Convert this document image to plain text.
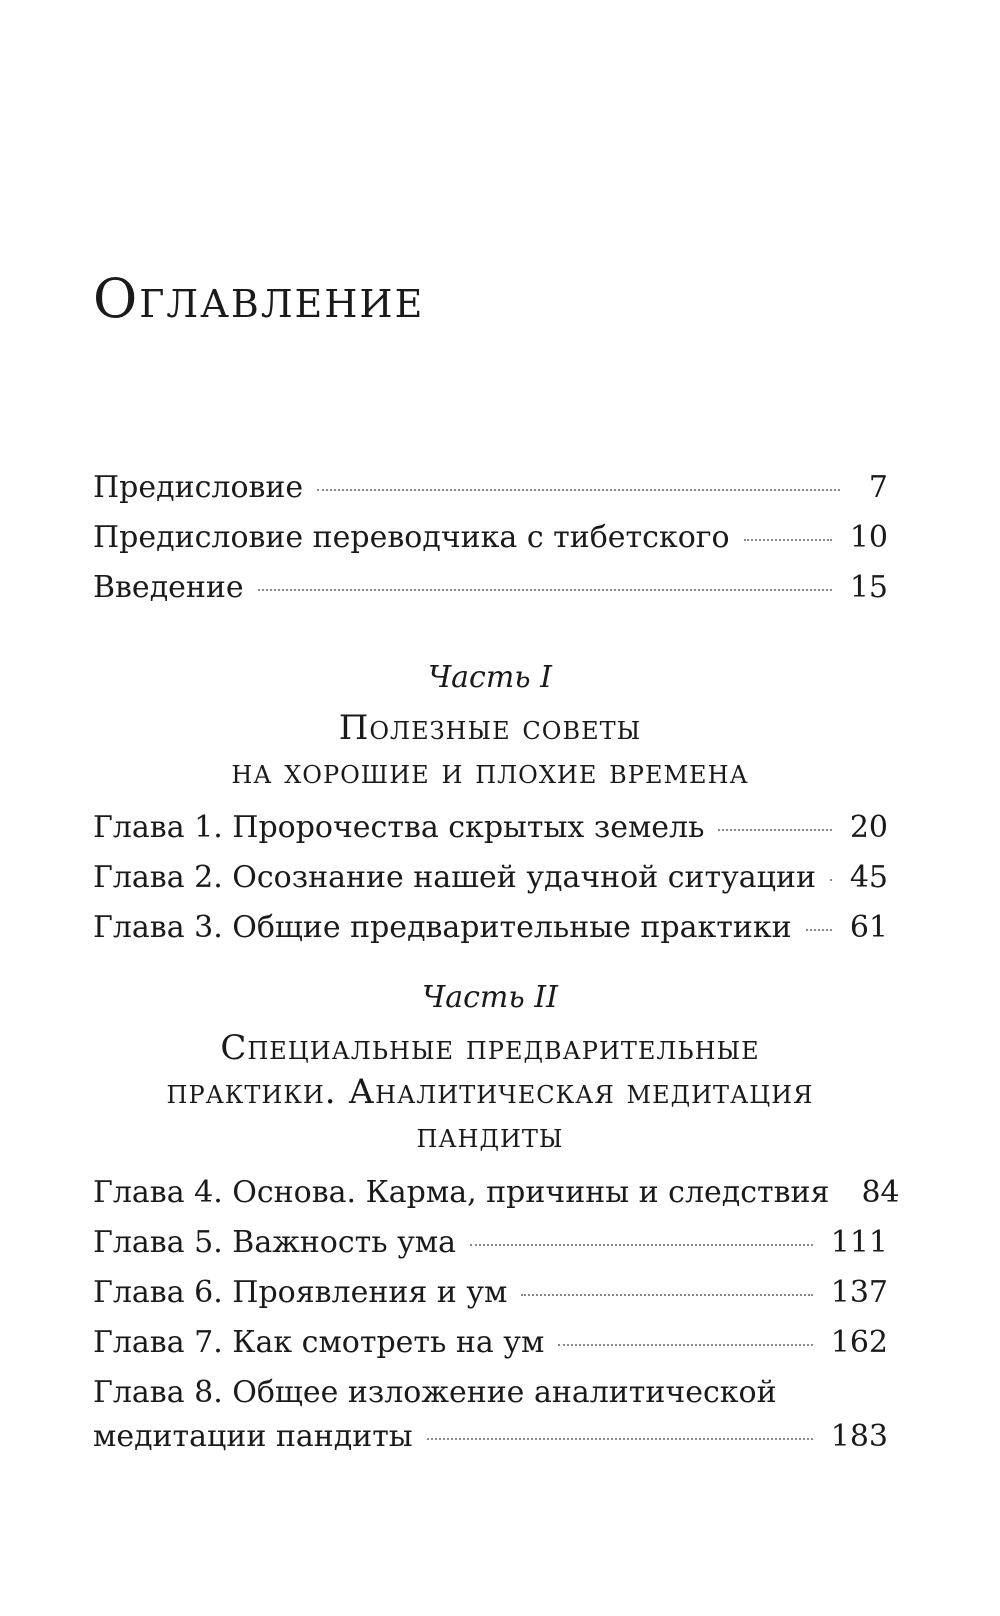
Оглавление
Предисловие	7
Предисловие переводчика с тибетского	10
Введение	15
Часть I
Полезные советы
на хорошие и плохие времена
Глава 1. Пророчества скрытых земель	20
Глава 2. Осознание нашей удачной ситуации 45
Глава 3. Общие предварительные практики 61
Часть II
Специальные предварительные
практики. Аналитическая медитация
пандиты
Глава 4. Основа. Карма, причины и следствия 84
Глава 5. Важность ума	111
Глава 6. Проявления и ум	137
Глава 7. Как смотреть на ум	162
Глава 8. Общее изложение аналитической
медитации пандиты	183
